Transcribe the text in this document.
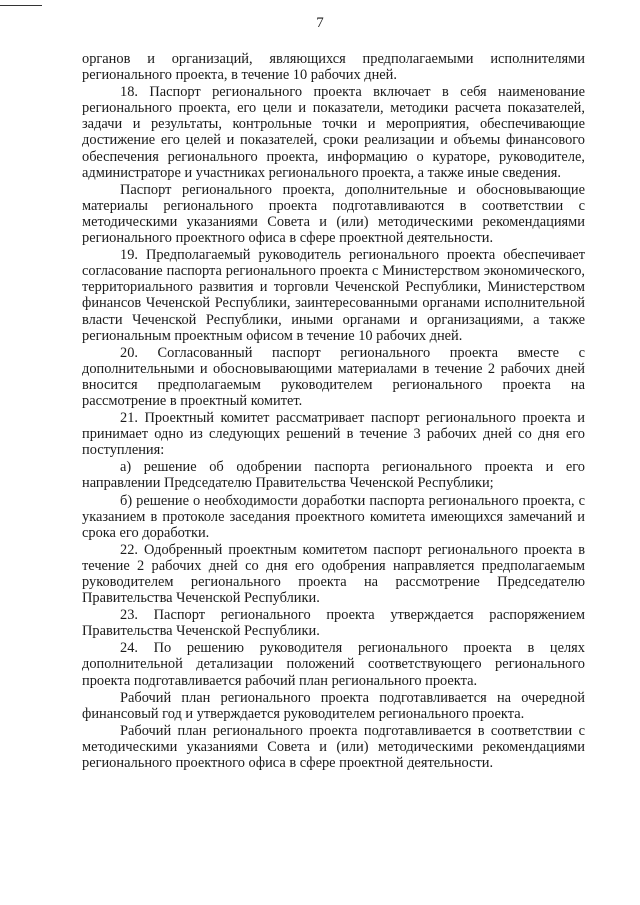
7

органов и организаций, являющихся предполагаемыми исполнителями регионального проекта, в течение 10 рабочих дней.

18. Паспорт регионального проекта включает в себя наименование регионального проекта, его цели и показатели, методики расчета показателей, задачи и результаты, контрольные точки и мероприятия, обеспечивающие достижение его целей и показателей, сроки реализации и объемы финансового обеспечения регионального проекта, информацию о кураторе, руководителе, администраторе и участниках регионального проекта, а также иные сведения.

Паспорт регионального проекта, дополнительные и обосновывающие материалы регионального проекта подготавливаются в соответствии с методическими указаниями Совета и (или) методическими рекомендациями регионального проектного офиса в сфере проектной деятельности.

19. Предполагаемый руководитель регионального проекта обеспечивает согласование паспорта регионального проекта с Министерством экономического, территориального развития и торговли Чеченской Республики, Министерством финансов Чеченской Республики, заинтересованными органами исполнительной власти Чеченской Республики, иными органами и организациями, а также региональным проектным офисом в течение 10 рабочих дней.

20. Согласованный паспорт регионального проекта вместе с дополнительными и обосновывающими материалами в течение 2 рабочих дней вносится предполагаемым руководителем регионального проекта на рассмотрение в проектный комитет.

21. Проектный комитет рассматривает паспорт регионального проекта и принимает одно из следующих решений в течение 3 рабочих дней со дня его поступления:

а) решение об одобрении паспорта регионального проекта и его направлении Председателю Правительства Чеченской Республики;

б) решение о необходимости доработки паспорта регионального проекта, с указанием в протоколе заседания проектного комитета имеющихся замечаний и срока его доработки.

22. Одобренный проектным комитетом паспорт регионального проекта в течение 2 рабочих дней со дня его одобрения направляется предполагаемым руководителем регионального проекта на рассмотрение Председателю Правительства Чеченской Республики.

23. Паспорт регионального проекта утверждается распоряжением Правительства Чеченской Республики.

24. По решению руководителя регионального проекта в целях дополнительной детализации положений соответствующего регионального проекта подготавливается рабочий план регионального проекта.

Рабочий план регионального проекта подготавливается на очередной финансовый год и утверждается руководителем регионального проекта.

Рабочий план регионального проекта подготавливается в соответствии с методическими указаниями Совета и (или) методическими рекомендациями регионального проектного офиса в сфере проектной деятельности.
